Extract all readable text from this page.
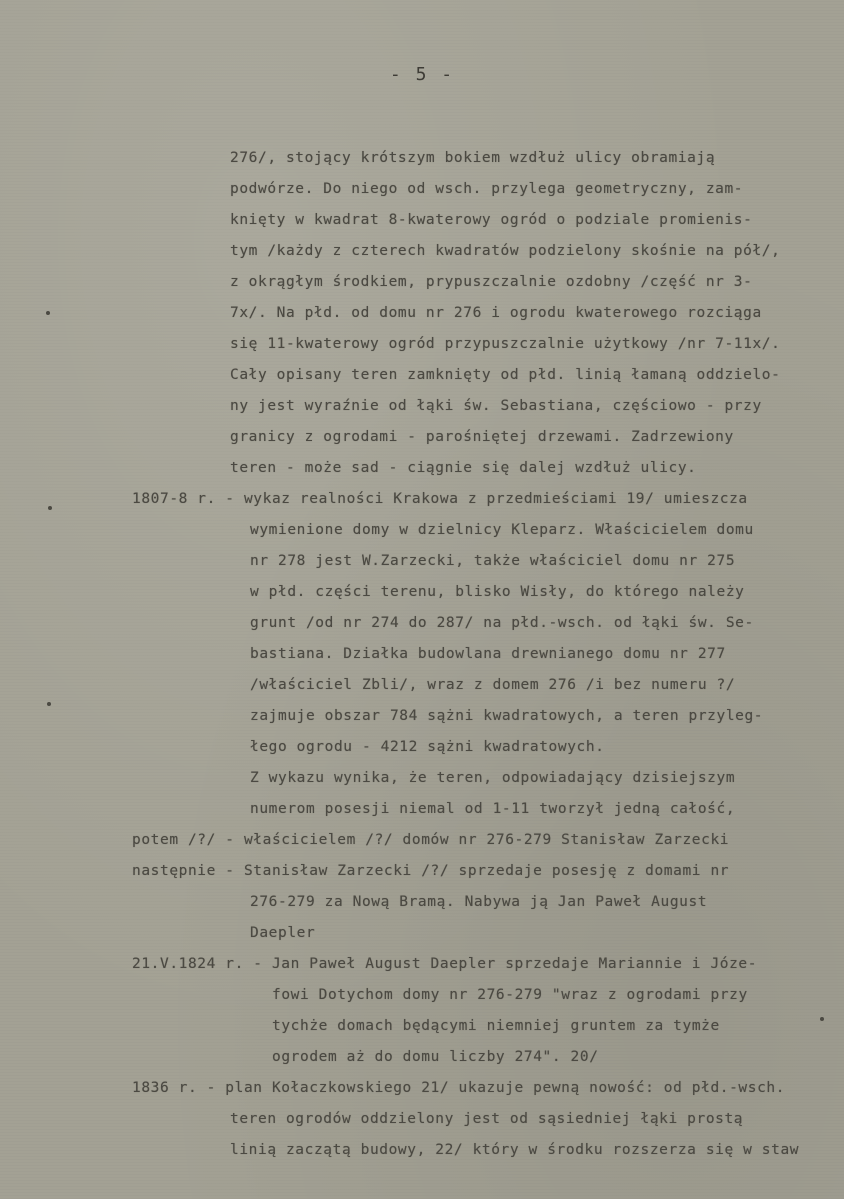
- 5 -
276/, stojący krótszym bokiem wzdłuż ulicy obramiają
podwórze. Do niego od wsch. przylega geometryczny, zam-
knięty w kwadrat 8-kwaterowy ogród o podziale promienis-
tym /każdy z czterech kwadratów podzielony skośnie na pół/,
z okrągłym środkiem, prypuszczalnie ozdobny /część nr 3-
7x/. Na płd. od domu nr 276 i ogrodu kwaterowego rozciąga
się 11-kwaterowy ogród przypuszczalnie użytkowy /nr 7-11x/.
Cały opisany teren zamknięty od płd. linią łamaną oddzielo-
ny jest wyraźnie od łąki św. Sebastiana, częściowo - przy
granicy z ogrodami - parośniętej drzewami. Zadrzewiony
teren - może sad - ciągnie się dalej wzdłuż ulicy.
1807-8 r. - wykaz realności Krakowa z przedmieściami 19/ umieszcza
wymienione domy w dzielnicy Kleparz. Właścicielem domu
nr 278 jest W.Zarzecki, także właściciel domu nr 275
w płd. części terenu, blisko Wisły, do którego należy
grunt /od nr 274 do 287/ na płd.-wsch. od łąki św. Se-
bastiana. Działka budowlana drewnianego domu nr 277
/właściciel Zbli/, wraz z domem 276 /i bez numeru ?/
zajmuje obszar 784 sążni kwadratowych, a teren przyleg-
łego ogrodu - 4212 sążni kwadratowych.
Z wykazu wynika, że teren, odpowiadający dzisiejszym
numerom posesji niemal od 1-11 tworzył jedną całość,
potem /?/ - właścicielem /?/ domów nr 276-279 Stanisław Zarzecki
następnie - Stanisław Zarzecki /?/ sprzedaje posesję z domami nr
276-279 za Nową Bramą. Nabywa ją Jan Paweł August
Daepler
21.V.1824 r. - Jan Paweł August Daepler sprzedaje Mariannie i Józe-
fowi Dotychom domy nr 276-279 "wraz z ogrodami przy
tychże domach będącymi niemniej gruntem za tymże
ogrodem aż do domu liczby 274". 20/
1836 r. - plan Kołaczkowskiego 21/ ukazuje pewną nowość: od płd.-wsch.
teren ogrodów oddzielony jest od sąsiedniej łąki prostą
linią zaczątą budowy, 22/ który w środku rozszerza się w staw
